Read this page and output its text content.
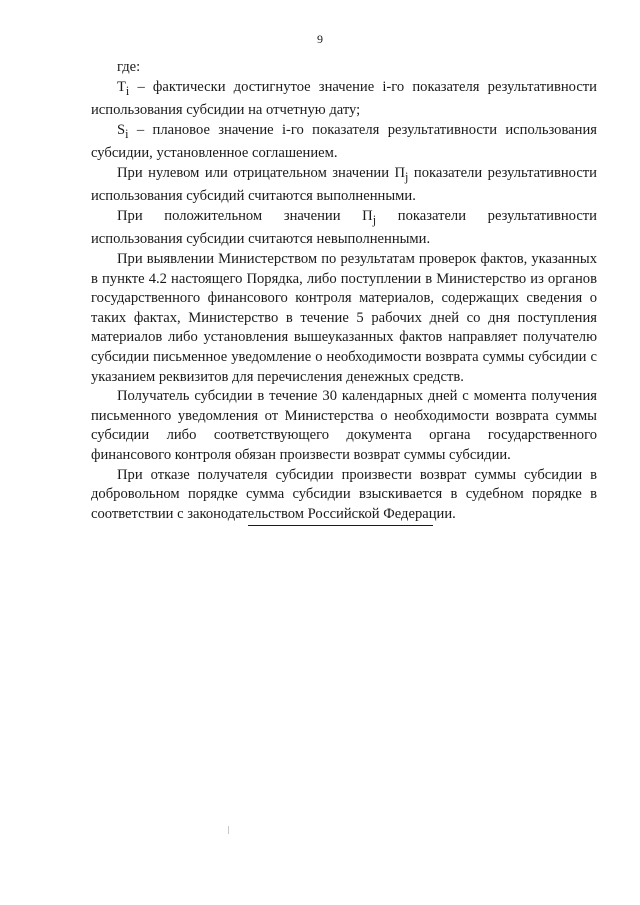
9

где:

$T_i$ – фактически достигнутое значение i-го показателя результативности использования субсидии на отчетную дату;

$S_i$ – плановое значение i-го показателя результативности использования субсидии, установленное соглашением.

При нулевом или отрицательном значении $П_j$ показатели результативности использования субсидий считаются выполненными.

При положительном значении $П_j$ показатели результативности использования субсидии считаются невыполненными.

При выявлении Министерством по результатам проверок фактов, указанных в пункте 4.2 настоящего Порядка, либо поступлении в Министерство из органов государственного финансового контроля материалов, содержащих сведения о таких фактах, Министерство в течение 5 рабочих дней со дня поступления материалов либо установления вышеуказанных фактов направляет получателю субсидии письменное уведомление о необходимости возврата суммы субсидии с указанием реквизитов для перечисления денежных средств.

Получатель субсидии в течение 30 календарных дней с момента получения письменного уведомления от Министерства о необходимости возврата суммы субсидии либо соответствующего документа органа государственного финансового контроля обязан произвести возврат суммы субсидии.

При отказе получателя субсидии произвести возврат суммы субсидии в добровольном порядке сумма субсидии взыскивается в судебном порядке в соответствии с законодательством Российской Федерации.
